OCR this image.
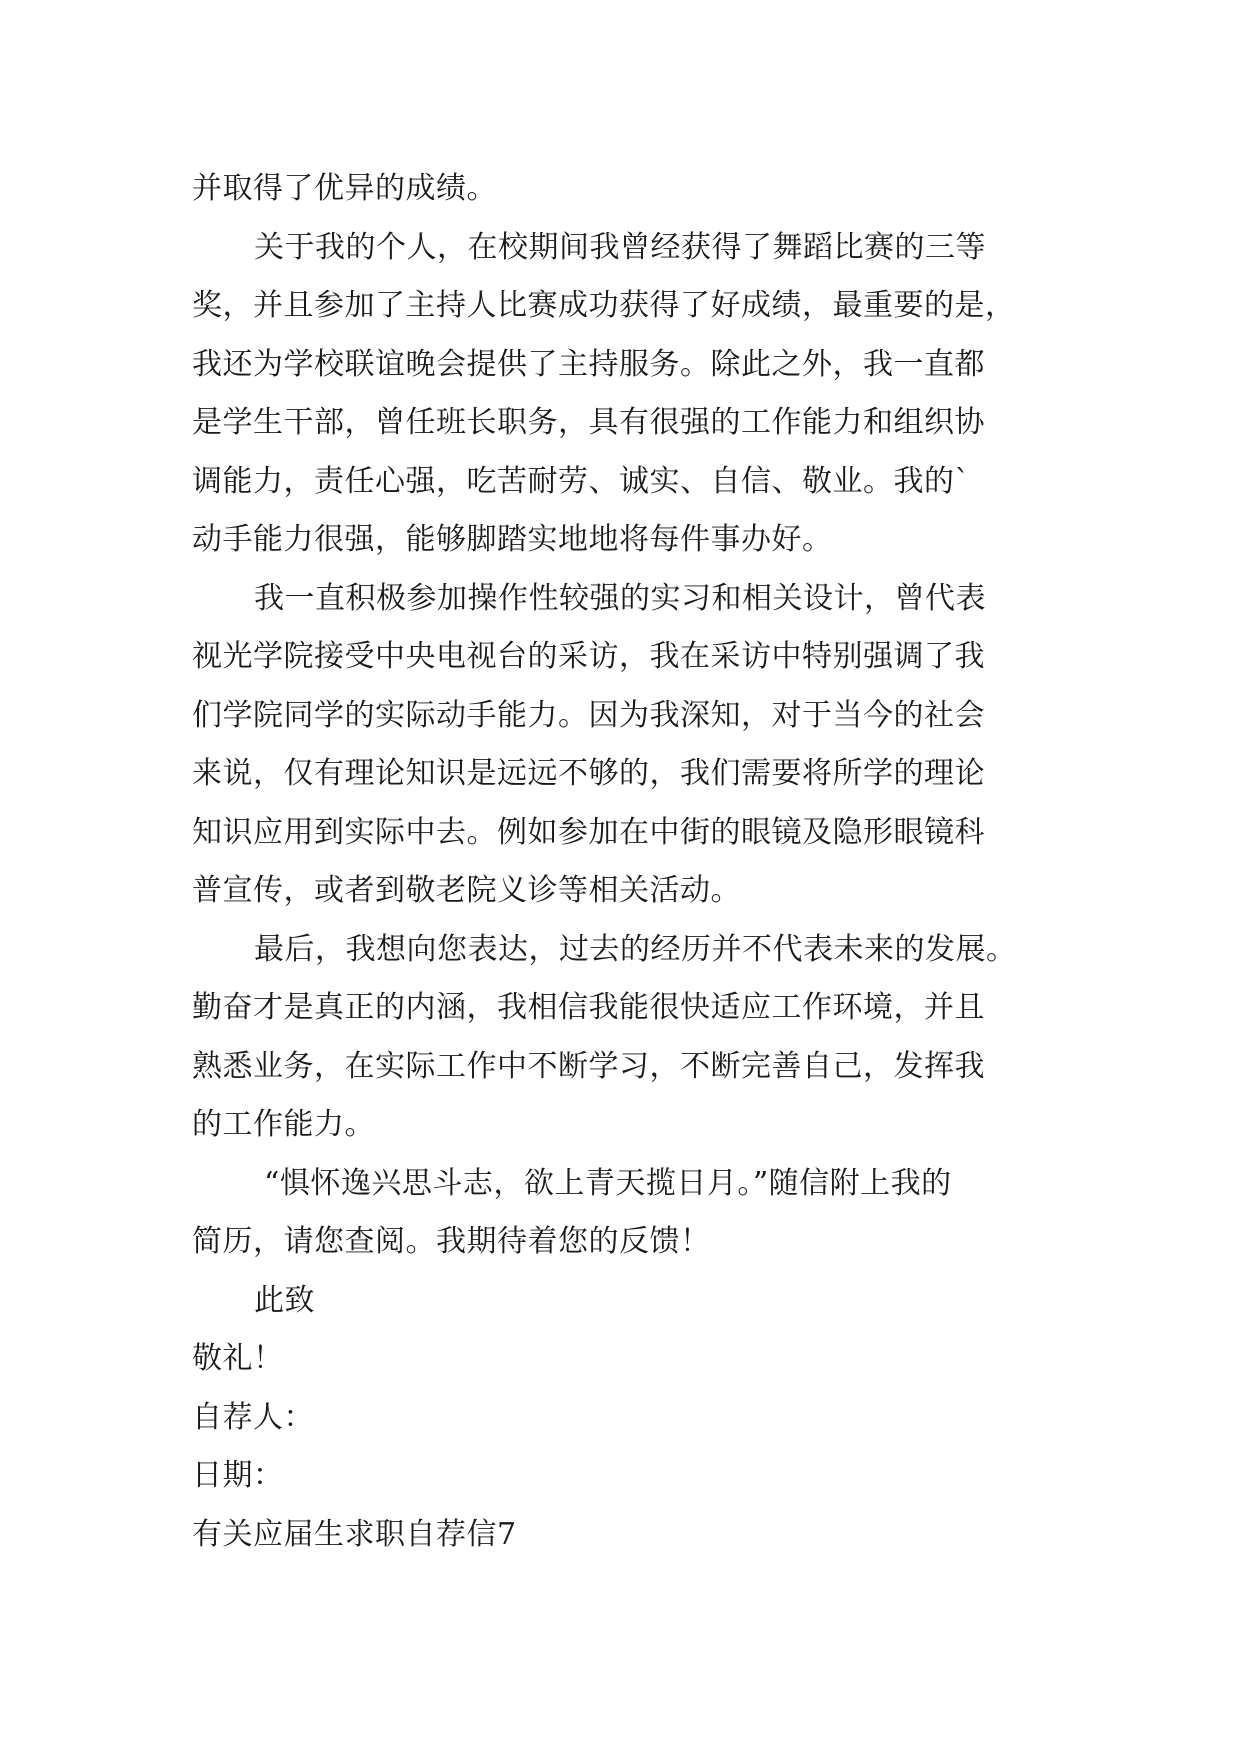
并取得了优异的成绩。
关于我的个人，在校期间我曾经获得了舞蹈比赛的三等
奖，并且参加了主持人比赛成功获得了好成绩，最重要的是，
我还为学校联谊晚会提供了主持服务。除此之外，我一直都
是学生干部，曾任班长职务，具有很强的工作能力和组织协
调能力，责任心强，吃苦耐劳、诚实、自信、敬业。我的`
动手能力很强，能够脚踏实地地将每件事办好。
我一直积极参加操作性较强的实习和相关设计，曾代表
视光学院接受中央电视台的采访，我在采访中特别强调了我
们学院同学的实际动手能力。因为我深知，对于当今的社会
来说，仅有理论知识是远远不够的，我们需要将所学的理论
知识应用到实际中去。例如参加在中街的眼镜及隐形眼镜科
普宣传，或者到敬老院义诊等相关活动。
最后，我想向您表达，过去的经历并不代表未来的发展。
勤奋才是真正的内涵，我相信我能很快适应工作环境，并且
熟悉业务，在实际工作中不断学习，不断完善自己，发挥我
的工作能力。
“惧怀逸兴思斗志，欲上青天揽日月。”随信附上我的
简历，请您查阅。我期待着您的反馈！
此致
敬礼！
自荐人：
日期：
有关应届生求职自荐信7
